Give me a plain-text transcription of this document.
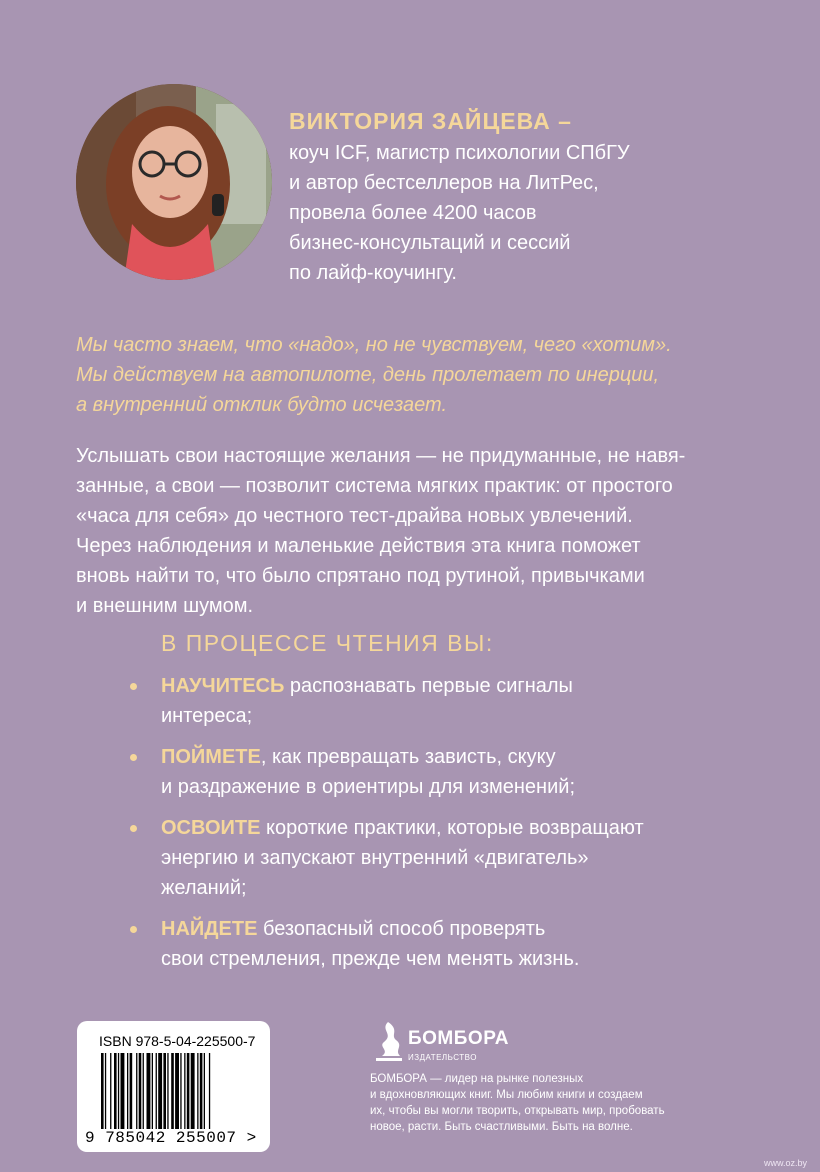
ВИКТОРИЯ ЗАЙЦЕВА –
коуч ICF, магистр психологии СПбГУ
и автор бестселлеров на ЛитРес,
провела более 4200 часов
бизнес-консультаций и сессий
по лайф-коучингу.
Мы часто знаем, что «надо», но не чувствуем, чего «хотим».
Мы действуем на автопилоте, день пролетает по инерции,
а внутренний отклик будто исчезает.
Услышать свои настоящие желания — не придуманные, не навя-
занные, а свои — позволит система мягких практик: от простого
«часа для себя» до честного тест-драйва новых увлечений.
Через наблюдения и маленькие действия эта книга поможет
вновь найти то, что было спрятано под рутиной, привычками
и внешним шумом.
В ПРОЦЕССЕ ЧТЕНИЯ ВЫ:
НАУЧИТЕСЬ распознавать первые сигналы
интереса;
ПОЙМЕТЕ, как превращать зависть, скуку
и раздражение в ориентиры для изменений;
ОСВОИТЕ короткие практики, которые возвращают
энергию и запускают внутренний «двигатель»
желаний;
НАЙДЕТЕ безопасный способ проверять
свои стремления, прежде чем менять жизнь.
ISBN 978-5-04-225500-7
9 785042 255007 >
БОМБОРА
ИЗДАТЕЛЬСТВО
БОМБОРА — лидер на рынке полезных
и вдохновляющих книг. Мы любим книги и создаем
их, чтобы вы могли творить, открывать мир, пробовать
новое, расти. Быть счастливыми. Быть на волне.
www.oz.by
